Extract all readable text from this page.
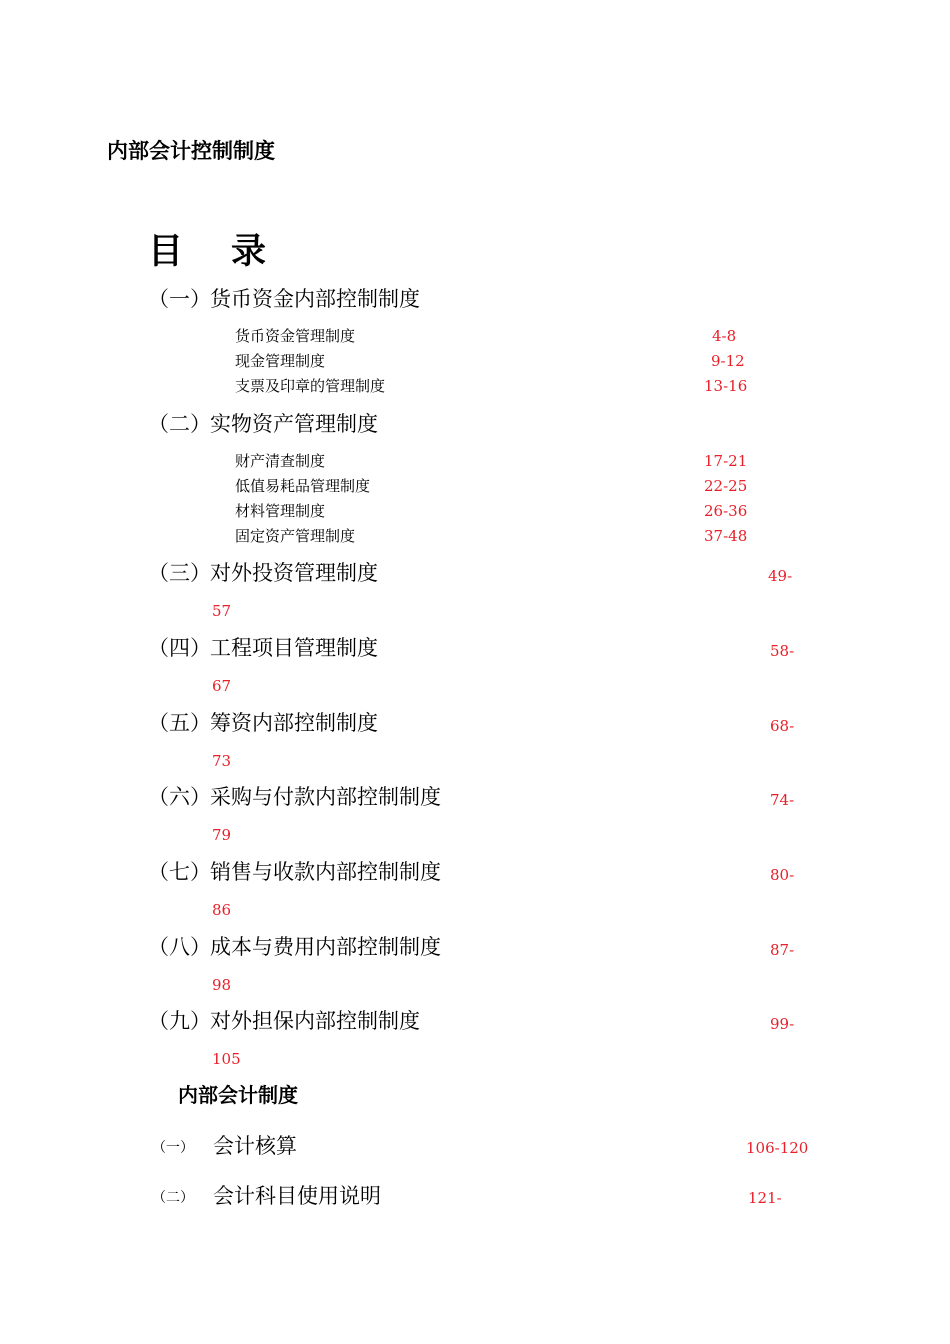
内部会计控制制度
目录
（一）货币资金内部控制制度
货币资金管理制度	4-8
现金管理制度	9-12
支票及印章的管理制度	13-16
（二）实物资产管理制度
财产清查制度	17-21
低值易耗品管理制度	22-25
材料管理制度	26-36
固定资产管理制度	37-48
（三）对外投资管理制度	49-
57
（四）工程项目管理制度	58-
67
（五）筹资内部控制制度	68-
73
（六）采购与付款内部控制制度	74-
79
（七）销售与收款内部控制制度	80-
86
（八）成本与费用内部控制制度	87-
98
（九）对外担保内部控制制度	99-
105
内部会计制度
（一） 会计核算	106-120
（二） 会计科目使用说明	121-
